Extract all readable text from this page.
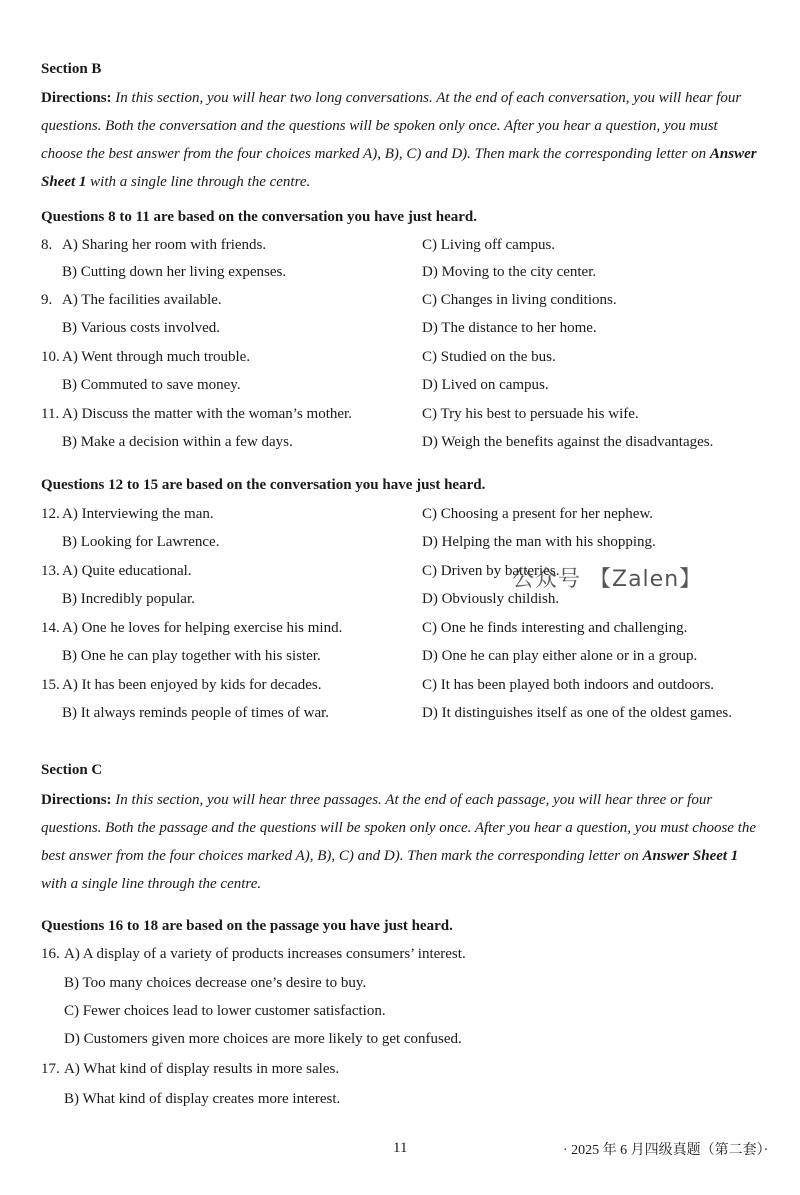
Section B
Directions: In this section, you will hear two long conversations. At the end of each conversation, you will hear four questions. Both the conversation and the questions will be spoken only once. After you hear a question, you must choose the best answer from the four choices marked A), B), C) and D). Then mark the corresponding letter on Answer Sheet 1 with a single line through the centre.
Questions 8 to 11 are based on the conversation you have just heard.
8. A) Sharing her room with friends.	C) Living off campus.
B) Cutting down her living expenses.	D) Moving to the city center.
9. A) The facilities available.	C) Changes in living conditions.
B) Various costs involved.	D) The distance to her home.
10. A) Went through much trouble.	C) Studied on the bus.
B) Commuted to save money.	D) Lived on campus.
11. A) Discuss the matter with the woman’s mother.	C) Try his best to persuade his wife.
B) Make a decision within a few days.	D) Weigh the benefits against the disadvantages.
Questions 12 to 15 are based on the conversation you have just heard.
12. A) Interviewing the man.	C) Choosing a present for her nephew.
B) Looking for Lawrence.	D) Helping the man with his shopping.
13. A) Quite educational.	C) Driven by batteries.
B) Incredibly popular.	D) Obviously childish.
公众号 【Zalen】
14. A) One he loves for helping exercise his mind.	C) One he finds interesting and challenging.
B) One he can play together with his sister.	D) One he can play either alone or in a group.
15. A) It has been enjoyed by kids for decades.	C) It has been played both indoors and outdoors.
B) It always reminds people of times of war.	D) It distinguishes itself as one of the oldest games.
Section C
Directions: In this section, you will hear three passages. At the end of each passage, you will hear three or four questions. Both the passage and the questions will be spoken only once. After you hear a question, you must choose the best answer from the four choices marked A), B), C) and D). Then mark the corresponding letter on Answer Sheet 1 with a single line through the centre.
Questions 16 to 18 are based on the passage you have just heard.
16. A) A display of a variety of products increases consumers’ interest.
B) Too many choices decrease one’s desire to buy.
C) Fewer choices lead to lower customer satisfaction.
D) Customers given more choices are more likely to get confused.
17. A) What kind of display results in more sales.
B) What kind of display creates more interest.
11	· 2025 年 6 月四级真题（第二套）·
